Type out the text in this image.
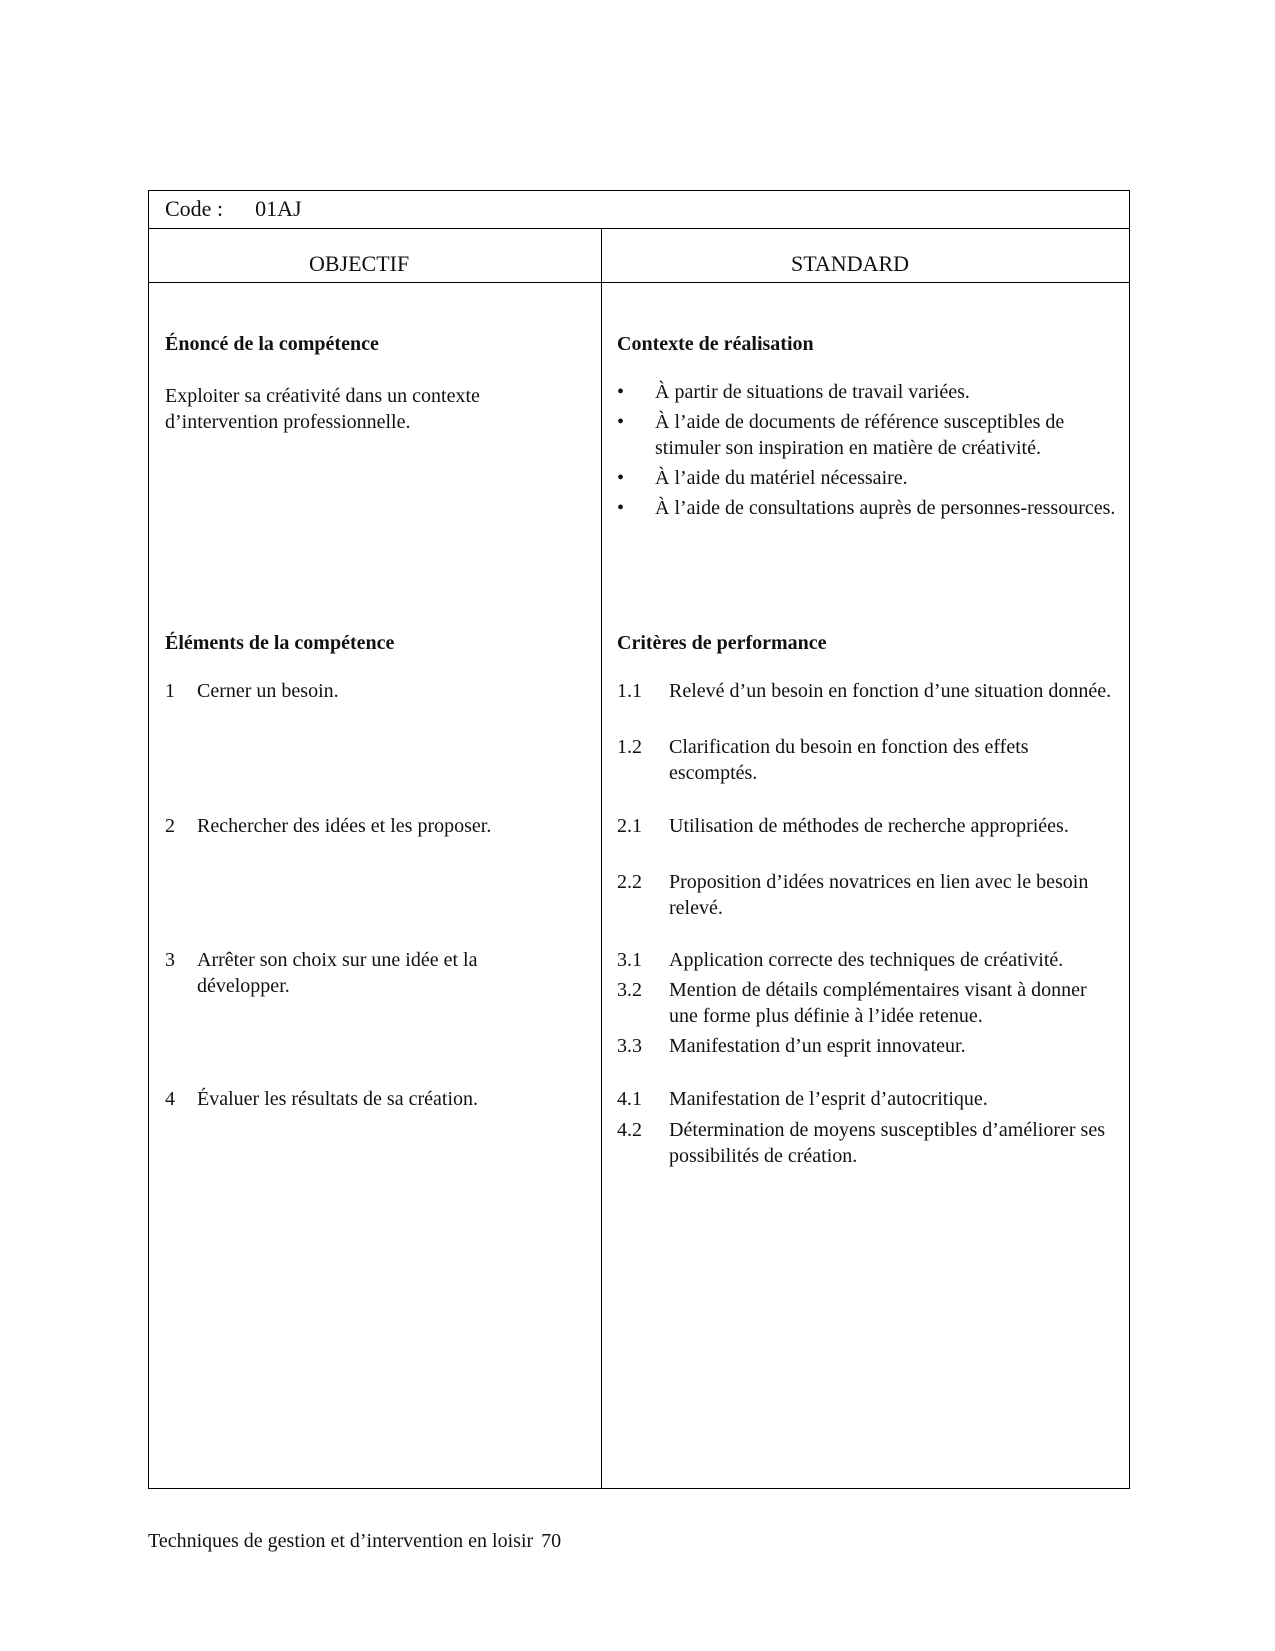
Code : 01AJ
OBJECTIF	STANDARD

Énoncé de la compétence

Exploiter sa créativité dans un contexte d’intervention professionnelle.

Éléments de la compétence

1 Cerner un besoin.
2 Rechercher des idées et les proposer.
3 Arrêter son choix sur une idée et la développer.
4 Évaluer les résultats de sa création.

Contexte de réalisation

• À partir de situations de travail variées.
• À l’aide de documents de référence susceptibles de stimuler son inspiration en matière de créativité.
• À l’aide du matériel nécessaire.
• À l’aide de consultations auprès de personnes-ressources.

Critères de performance

1.1 Relevé d’un besoin en fonction d’une situation donnée.
1.2 Clarification du besoin en fonction des effets escomptés.
2.1 Utilisation de méthodes de recherche appropriées.
2.2 Proposition d’idées novatrices en lien avec le besoin relevé.
3.1 Application correcte des techniques de créativité.
3.2 Mention de détails complémentaires visant à donner une forme plus définie à l’idée retenue.
3.3 Manifestation d’un esprit innovateur.
4.1 Manifestation de l’esprit d’autocritique.
4.2 Détermination de moyens susceptibles d’améliorer ses possibilités de création.
Techniques de gestion et d’intervention en loisir 70
